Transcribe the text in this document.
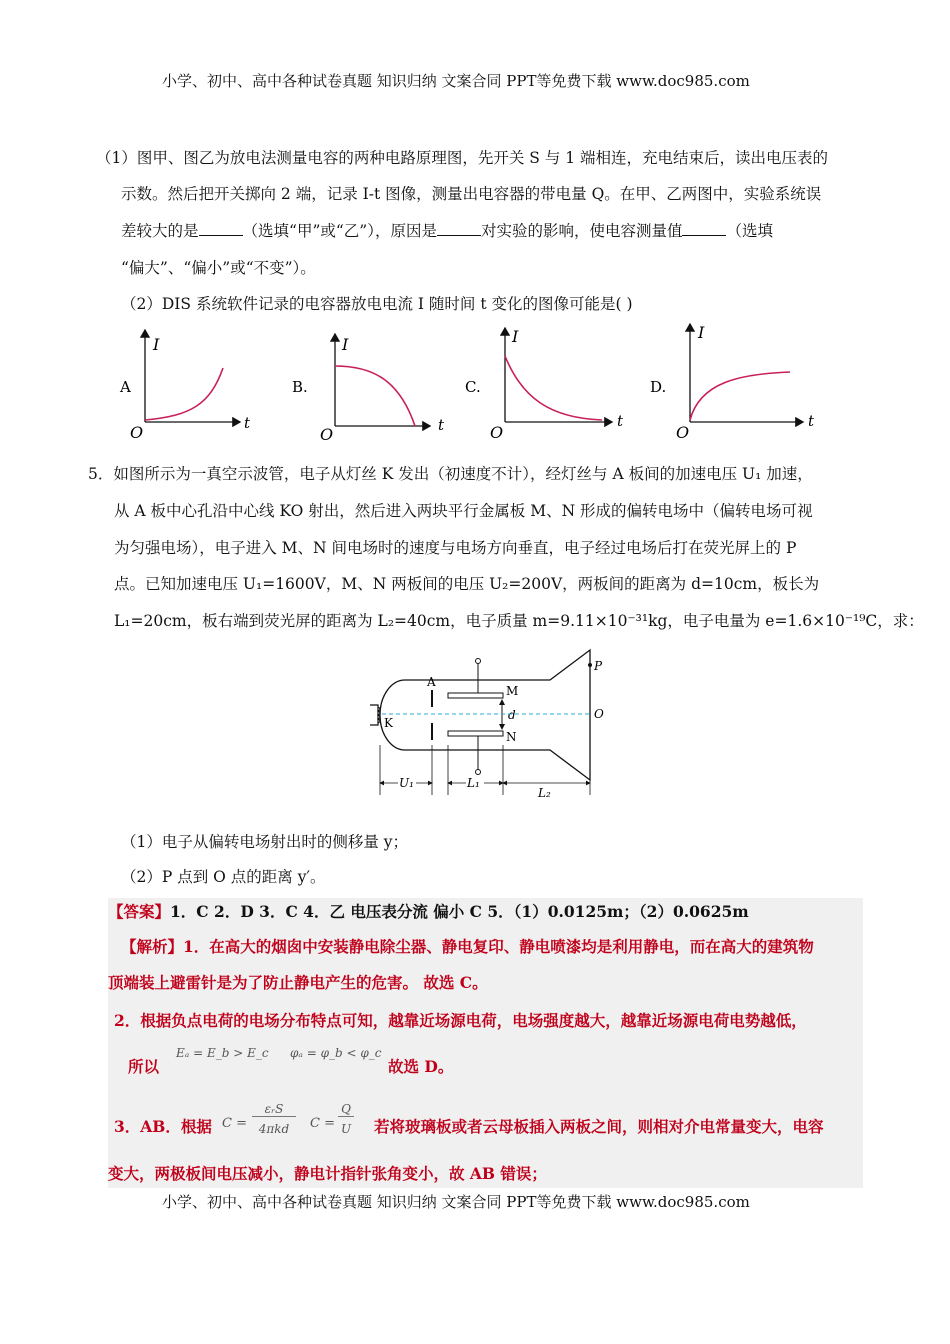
小学、初中、高中各种试卷真题 知识归纳 文案合同 PPT等免费下载 www.doc985.com
（1）图甲、图乙为放电法测量电容的两种电路原理图，先开关 S 与 1 端相连，充电结束后，读出电压表的
示数。然后把开关掷向 2 端，记录 I-t 图像，测量出电容器的带电量 Q。在甲、乙两图中，实验系统误
差较大的是	（选填“甲”或“乙”），原因是	对实验的影响，使电容测量值	（选填
“偏大”、“偏小”或“不变”）。
（2）DIS 系统软件记录的电容器放电电流 I 随时间 t 变化的图像可能是( )
A
I
t
O
B.
I
t
O
C.
I
t
O
D.
I
t
O
5．如图所示为一真空示波管，电子从灯丝 K 发出（初速度不计），经灯丝与 A 板间的加速电压 U₁ 加速，
从 A 板中心孔沿中心线 KO 射出，然后进入两块平行金属板 M、N 形成的偏转电场中（偏转电场可视
为匀强电场），电子进入 M、N 间电场时的速度与电场方向垂直，电子经过电场后打在荧光屏上的 P
点。已知加速电压 U₁=1600V，M、N 两板间的电压 U₂=200V，两板间的距离为 d=10cm，板长为
L₁=20cm，板右端到荧光屏的距离为 L₂=40cm，电子质量 m=9.11×10⁻³¹kg，电子电量为 e=1.6×10⁻¹⁹C，求：
K
A
M
N
d	O
P
U₁	L₁
L₂
（1）电子从偏转电场射出时的侧移量 y；
（2）P 点到 O 点的距离 y′。
【答案】1．C 2．D 3．C 4．乙 电压表分流 偏小 C 5．（1）0.0125m；（2）0.0625m
【解析】1．在高大的烟囱中安装静电除尘器、静电复印、静电喷漆均是利用静电，而在高大的建筑物
顶端装上避雷针是为了防止静电产生的危害。 故选 C。
2．根据负点电荷的电场分布特点可知，越靠近场源电荷，电场强度越大，越靠近场源电荷电势越低，
所以
Eₐ = E_b > E_c φₐ = φ_b < φ_c
故选 D。
3．AB．根据 C =
εᵣS
4πkd	C =
Q
U 若将玻璃板或者云母板插入两板之间，则相对介电常量变大，电容
变大，两极板间电压减小，静电计指针张角变小，故 AB 错误；
小学、初中、高中各种试卷真题 知识归纳 文案合同 PPT等免费下载 www.doc985.com
